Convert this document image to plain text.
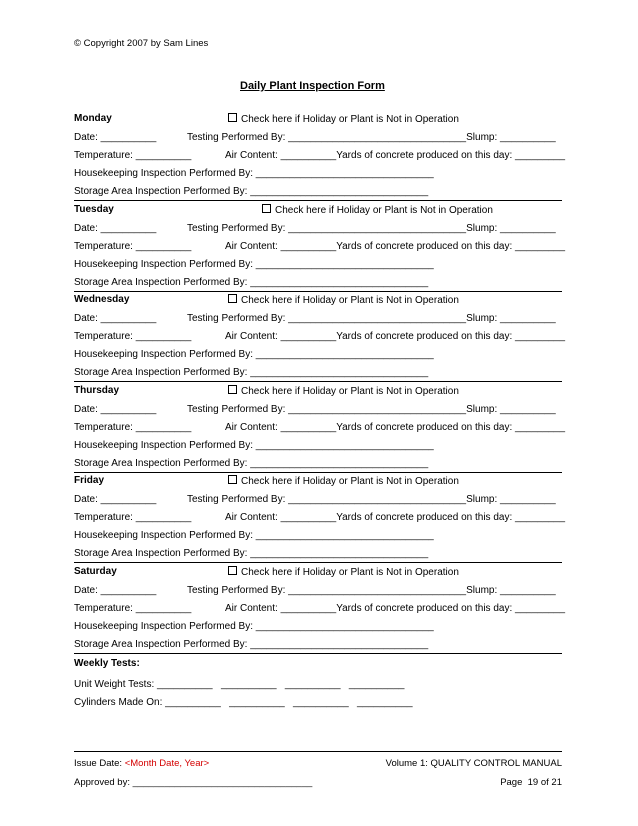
© Copyright 2007 by Sam Lines
Daily Plant Inspection Form
Monday
Date: __________	Testing Performed By: ________________________________Slump: __________
Temperature: __________	Air Content: __________Yards of concrete produced on this day: _________
Housekeeping Inspection Performed By: ________________________________
Storage Area Inspection Performed By: ________________________________
Check here if Holiday or Plant is Not in Operation
Tuesday
Date: __________	Testing Performed By: ________________________________Slump: __________
Temperature: __________	Air Content: __________Yards of concrete produced on this day: _________
Housekeeping Inspection Performed By: ________________________________
Storage Area Inspection Performed By: ________________________________
Check here if Holiday or Plant is Not in Operation
Wednesday
Date: __________	Testing Performed By: ________________________________Slump: __________
Temperature: __________	Air Content: __________Yards of concrete produced on this day: _________
Housekeeping Inspection Performed By: ________________________________
Storage Area Inspection Performed By: ________________________________
Check here if Holiday or Plant is Not in Operation
Thursday
Date: __________	Testing Performed By: ________________________________Slump: __________
Temperature: __________	Air Content: __________Yards of concrete produced on this day: _________
Housekeeping Inspection Performed By: ________________________________
Storage Area Inspection Performed By: ________________________________
Check here if Holiday or Plant is Not in Operation
Friday
Date: __________	Testing Performed By: ________________________________Slump: __________
Temperature: __________	Air Content: __________Yards of concrete produced on this day: _________
Housekeeping Inspection Performed By: ________________________________
Storage Area Inspection Performed By: ________________________________
Check here if Holiday or Plant is Not in Operation
Saturday
Date: __________	Testing Performed By: ________________________________Slump: __________
Temperature: __________	Air Content: __________Yards of concrete produced on this day: _________
Housekeeping Inspection Performed By: ________________________________
Storage Area Inspection Performed By: ________________________________
Check here if Holiday or Plant is Not in Operation
Weekly Tests:
Unit Weight Tests: __________   __________   __________   __________
Cylinders Made On: __________   __________   __________   __________
Issue Date: <Month Date, Year>	Volume 1: QUALITY CONTROL MANUAL
Approved by: __________________________________	Page  19 of 21
